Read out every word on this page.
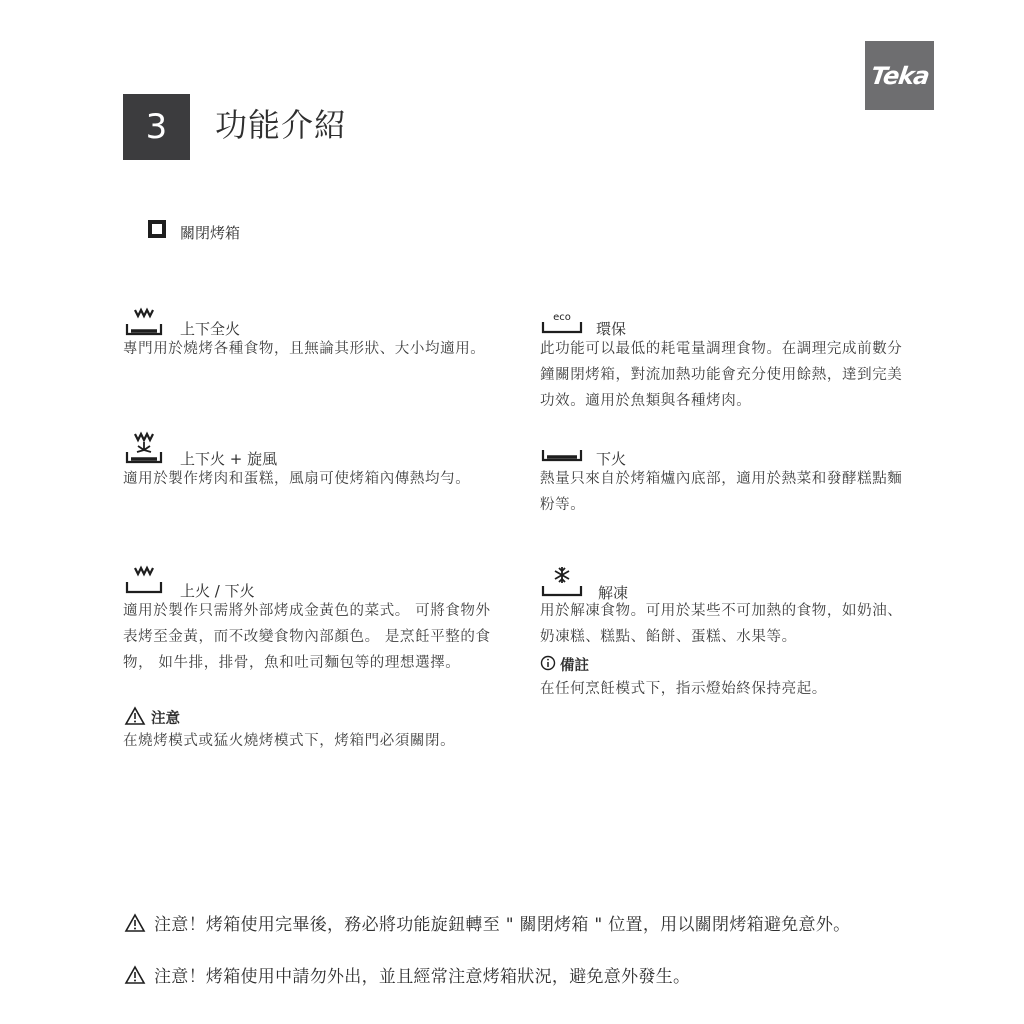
Teka
3	功能介紹
關閉烤箱
上下全火
專門用於燒烤各種食物，且無論其形狀、大小均適用。
eco
環保
此功能可以最低的耗電量調理食物。在調理完成前數分鐘關閉烤箱，對流加熱功能會充分使用餘熱，達到完美功效。適用於魚類與各種烤肉。
上下火 + 旋風
適用於製作烤肉和蛋糕，風扇可使烤箱內傳熱均勻。
下火
熱量只來自於烤箱爐內底部，適用於熱菜和發酵糕點麵粉等。
上火 / 下火
適用於製作只需將外部烤成金黃色的菜式。 可將食物外表烤至金黃，而不改變食物內部顏色。 是烹飪平整的食物， 如牛排，排骨，魚和吐司麵包等的理想選擇。
注意
在燒烤模式或猛火燒烤模式下，烤箱門必須關閉。
解凍
用於解凍食物。可用於某些不可加熱的食物，如奶油、奶凍糕、糕點、餡餅、蛋糕、水果等。
備註
在任何烹飪模式下，指示燈始終保持亮起。
注意！烤箱使用完畢後，務必將功能旋鈕轉至 " 關閉烤箱 " 位置，用以關閉烤箱避免意外。
注意！烤箱使用中請勿外出，並且經常注意烤箱狀況，避免意外發生。
